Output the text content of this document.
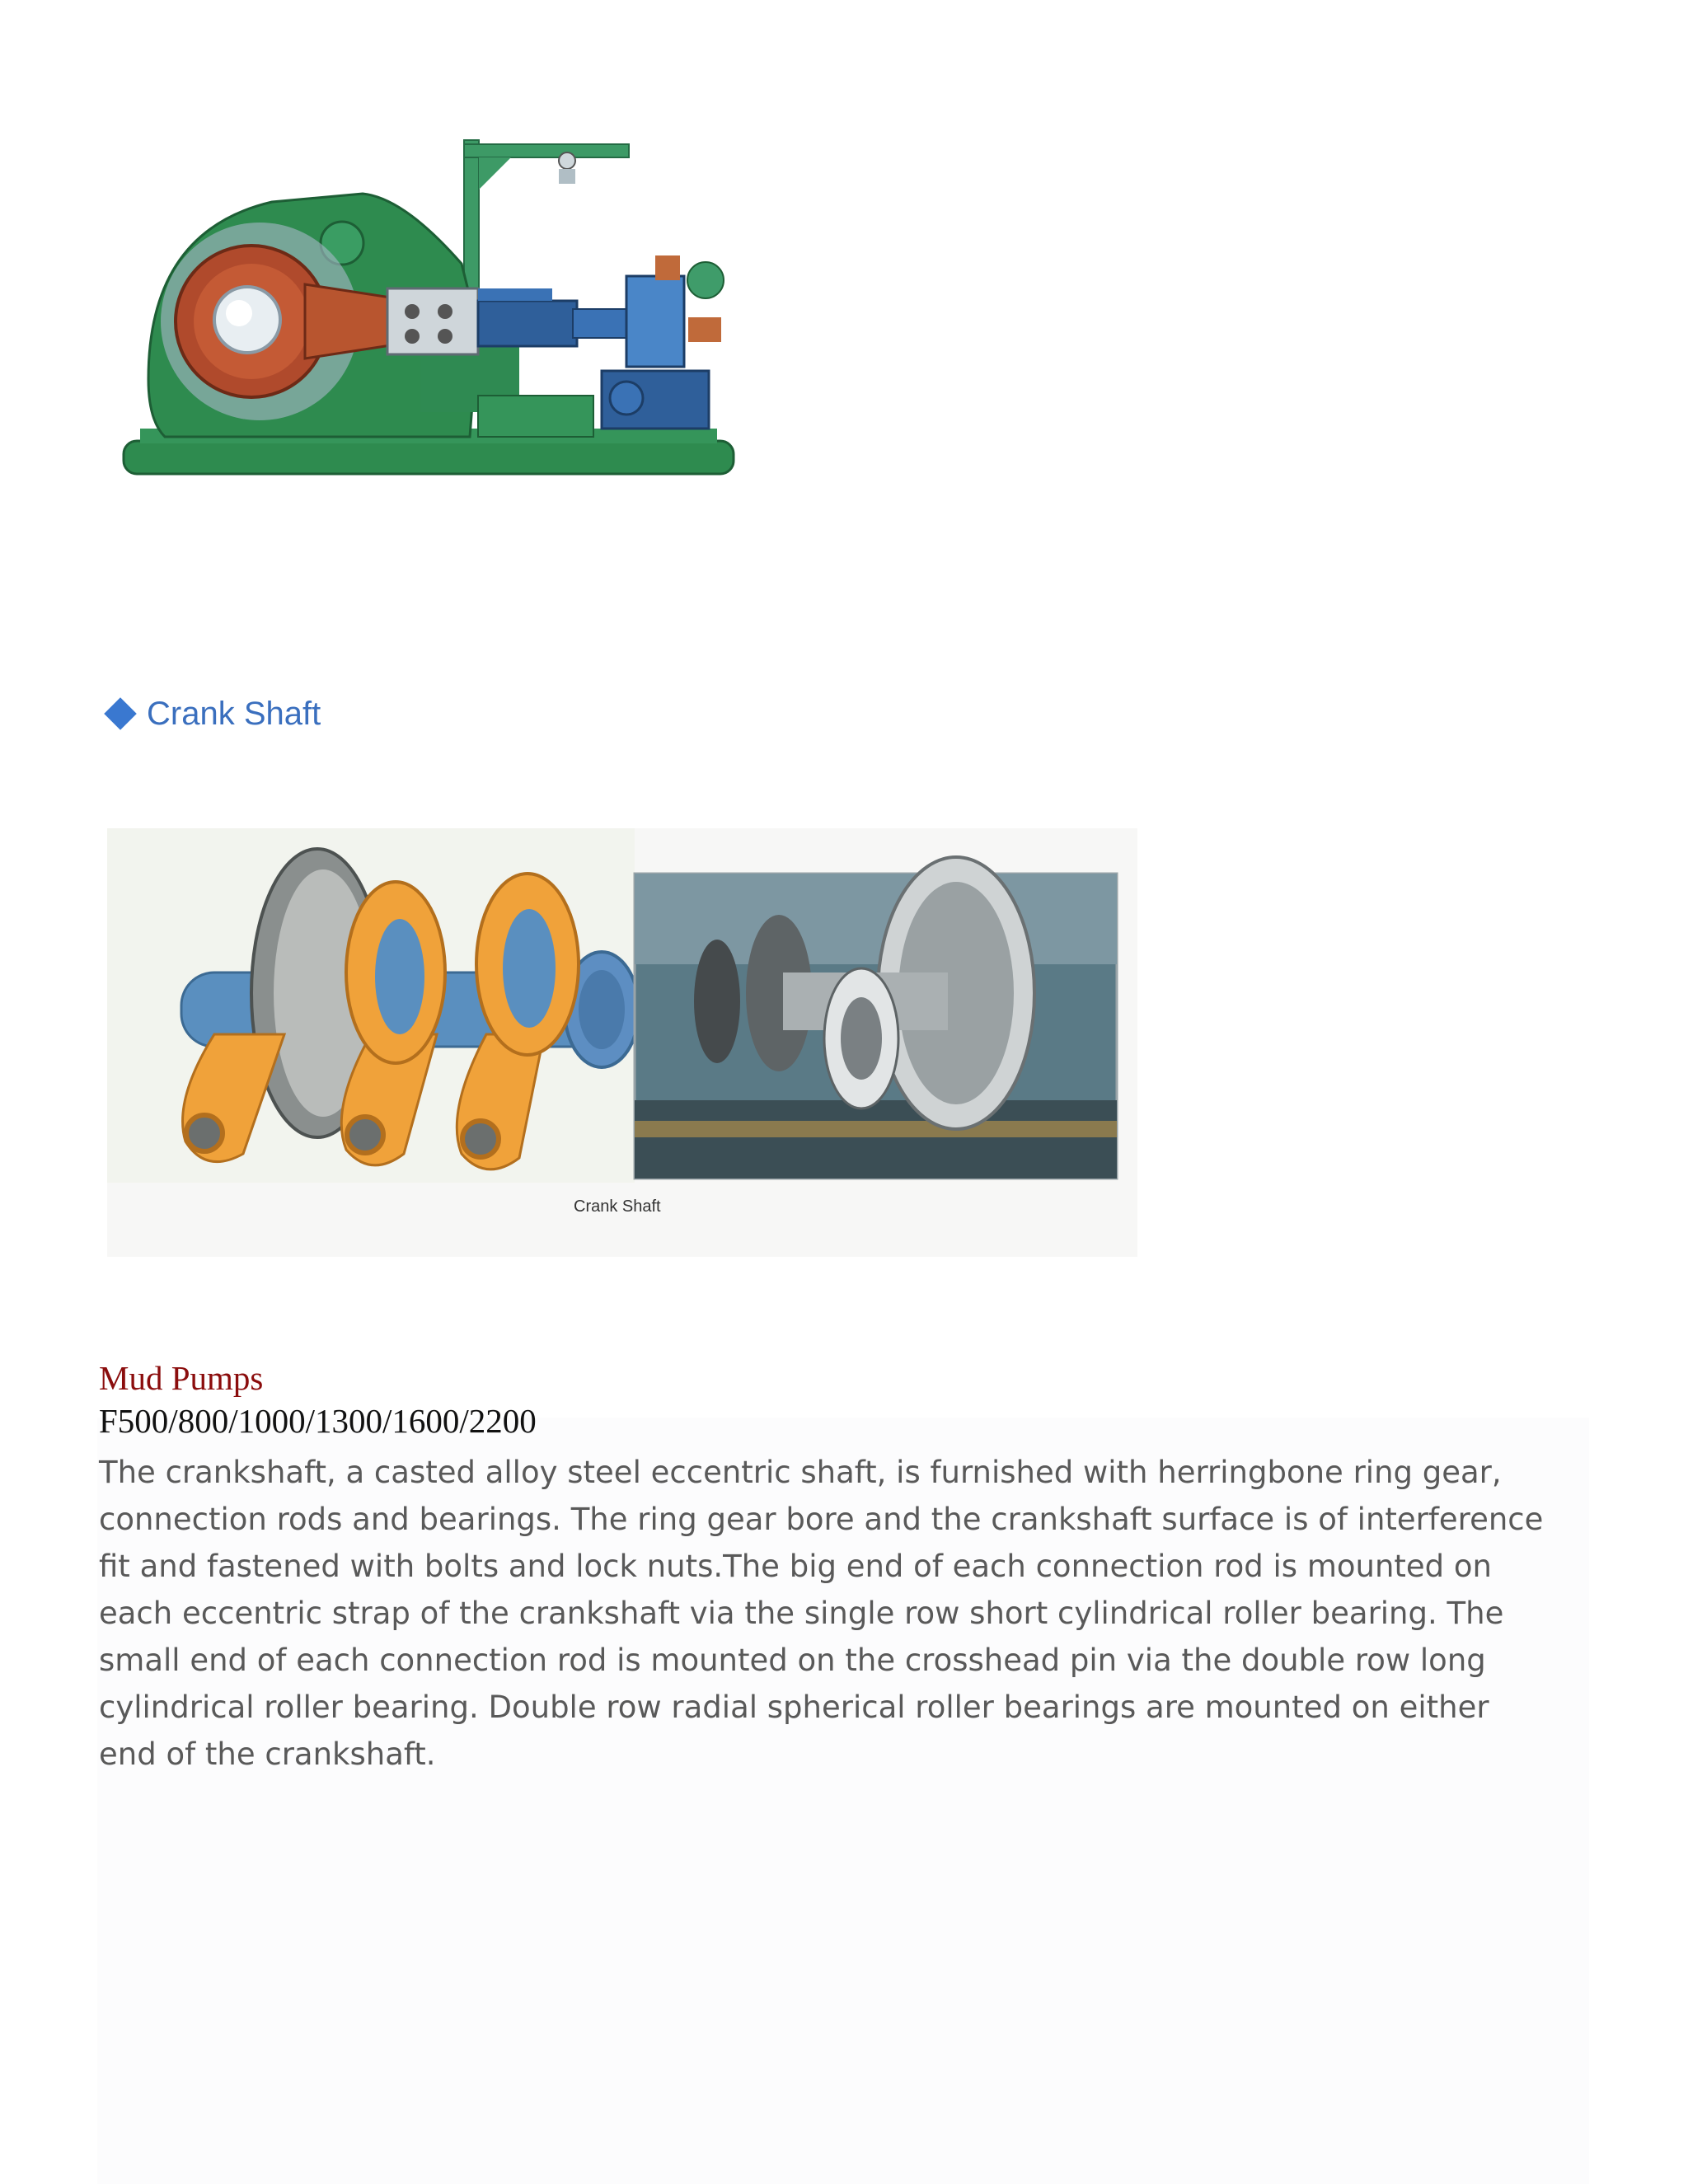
Crank Shaft
Crank Shaft
Mud Pumps
F500/800/1000/1300/1600/2200
The crankshaft, a casted alloy steel eccentric shaft, is furnished with herringbone ring gear,
connection rods and bearings. The ring gear bore and the crankshaft surface is of interference
fit and fastened with bolts and lock nuts.The big end of each connection rod is mounted on
each eccentric strap of the crankshaft via the single row short cylindrical roller bearing. The
small end of each connection rod is mounted on the crosshead pin via the double row long
cylindrical roller bearing. Double row radial spherical roller bearings are mounted on either
end of the crankshaft.
